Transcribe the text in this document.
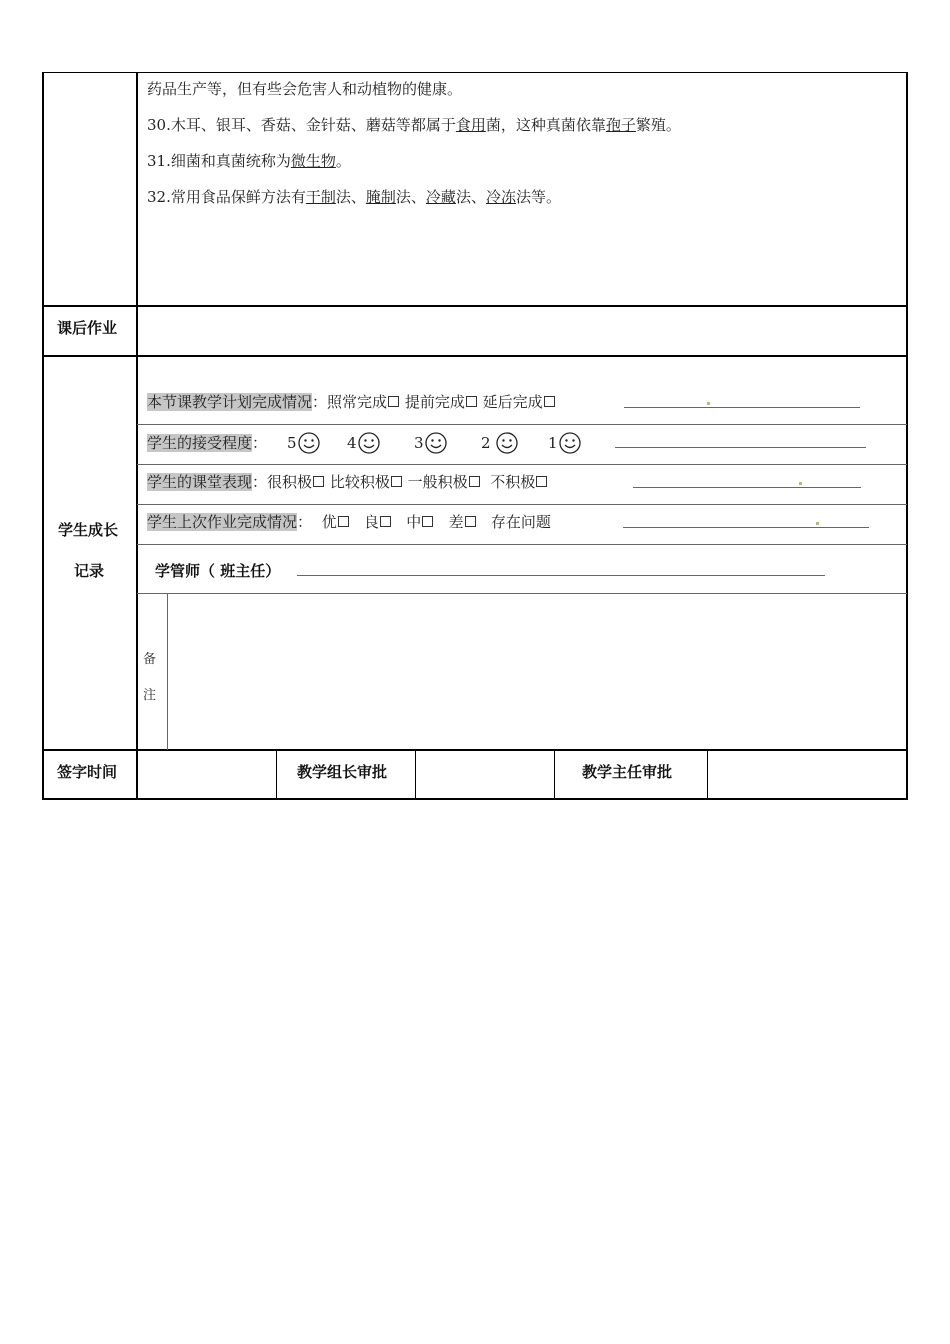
药品生产等，但有些会危害人和动植物的健康。
30.木耳、银耳、香菇、金针菇、蘑菇等都属于食用菌，这种真菌依靠孢子繁殖。
31.细菌和真菌统称为微生物。
32.常用食品保鲜方法有干制法、腌制法、冷藏法、冷冻法等。
课后作业
学生成长
记录
本节课教学计划完成情况：照常完成 提前完成 延后完成
学生的接受程度： 5	4	3	2	1
学生的课堂表现：很积极 比较积极 一般积极 不积极
学生上次作业完成情况： 优 良 中 差 存在问题
学管师（ 班主任）
备
注
签字时间	教学组长审批	教学主任审批
